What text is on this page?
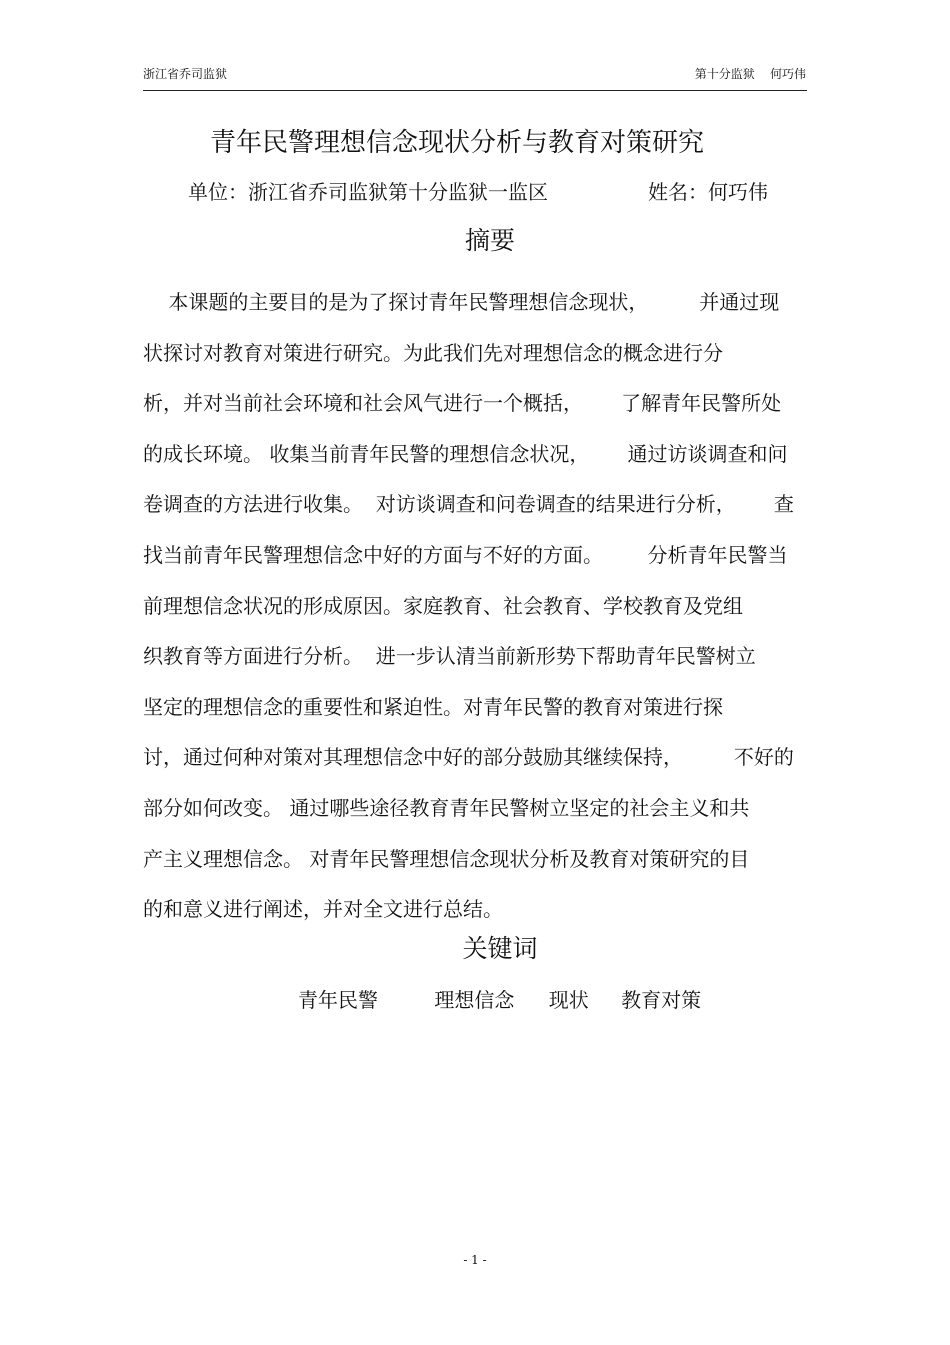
浙江省乔司监狱	第十分监狱    何巧伟
青年民警理想信念现状分析与教育对策研究
单位：浙江省乔司监狱第十分监狱一监区	姓名：何巧伟
摘要
本课题的主要目的是为了探讨青年民警理想信念现状，        并通过现
状探讨对教育对策进行研究。为此我们先对理想信念的概念进行分
析，并对当前社会环境和社会风气进行一个概括，      了解青年民警所处
的成长环境。 收集当前青年民警的理想信念状况，      通过访谈调查和问
卷调查的方法进行收集。  对访谈调查和问卷调查的结果进行分析，      查
找当前青年民警理想信念中好的方面与不好的方面。       分析青年民警当
前理想信念状况的形成原因。家庭教育、社会教育、学校教育及党组
织教育等方面进行分析。  进一步认清当前新形势下帮助青年民警树立
坚定的理想信念的重要性和紧迫性。对青年民警的教育对策进行探
讨，通过何种对策对其理想信念中好的部分鼓励其继续保持，        不好的
部分如何改变。 通过哪些途径教育青年民警树立坚定的社会主义和共
产主义理想信念。 对青年民警理想信念现状分析及教育对策研究的目
的和意义进行阐述，并对全文进行总结。
关键词
青年民警	理想信念 现状 教育对策
- 1 -
